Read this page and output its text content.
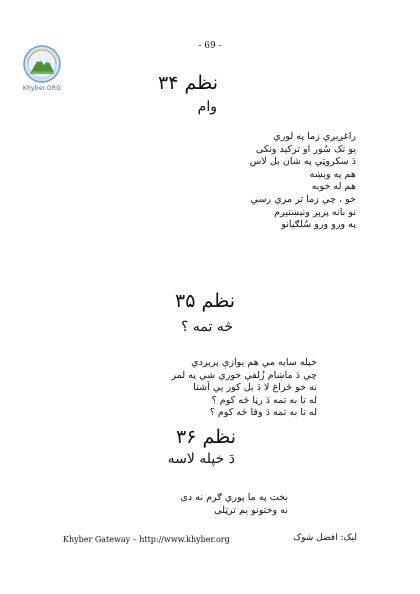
Khyber.ORG
- 69 -
نظم ۳۴
وام
راغږېږي زما په لوري
يو تک سُور او ترکيد ونکی
دَ سکروټي په شان بل لاس
هم په وېښه
هم له خوبه
خو ، چي زما تر مري رسي
نو بانه پرېږ ونېښتيږم
په ورو ورو سُلګيانو
نظم ۳۵
څه تمه ؟
خپله سايه مي هم يوازې پرېږدي
چي دَ ماښام زُلفي خوري شي په لمر
نه خو څراغ لا دَ بل کور يي آشنا
له تا به تمه دَ رڼا څه کوم ؟
له تا به تمه دَ وفا څه کوم ؟
نظم ۳۶
دَ خپله لاسه
بخت په ما پوري ګرم نه دی
نه وختونو يم ترټلی
Khyber Gateway – http://www.khyber.org	ليک: افضل شوک
